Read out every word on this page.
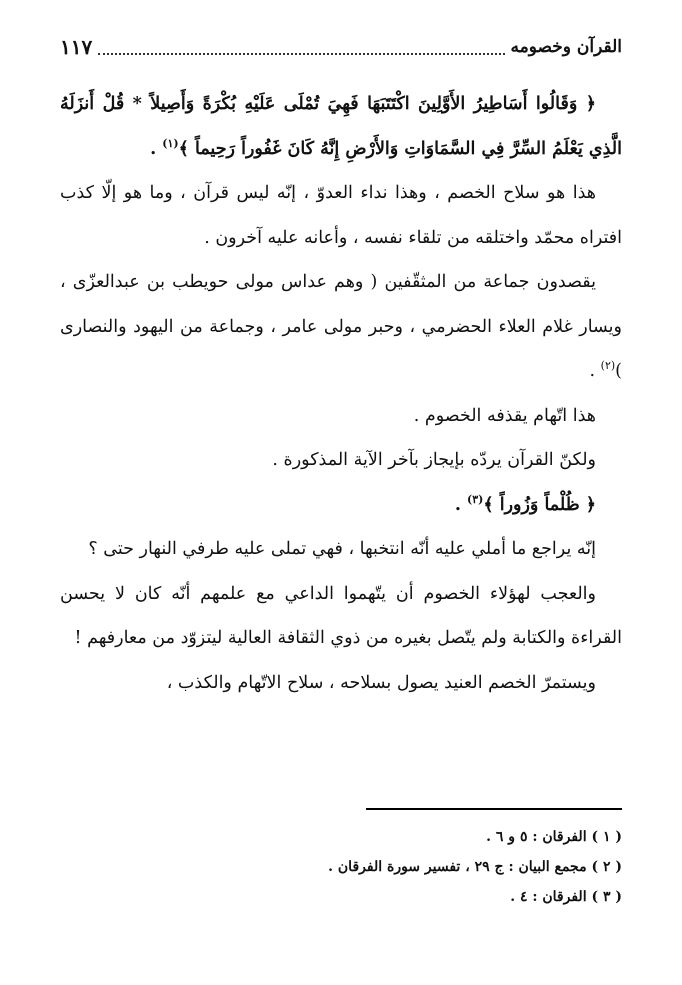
القرآن وخصومه
١١٧

﴿ وَقَالُوا أَسَاطِيرُ الأَوَّلِينَ اكْتَتَبَهَا فَهِيَ تُمْلَى عَلَيْهِ بُكْرَةً وَأَصِيلاً * قُلْ أَنزَلَهُ الَّذِي يَعْلَمُ السِّرَّ فِي السَّمَاوَاتِ وَالأَرْضِ إِنَّهُ كَانَ غَفُوراً رَحِيماً ﴾$^{(١)}$ .

هذا هو سلاح الخصم ، وهذا نداء العدوّ ، إنّه ليس قرآن ، وما هو إلّا كذب افتراه محمّد واختلقه من تلقاء نفسه ، وأعانه عليه آخرون .

يقصدون جماعة من المثقّفين ( وهم عداس مولى حويطب بن عبدالعزّى ، ويسار غلام العلاء الحضرمي ، وحبر مولى عامر ، وجماعة من اليهود والنصارى )$^{(٢)}$ .

هذا اتّهام يقذفه الخصوم .

ولكنّ القرآن يردّه بإيجاز بآخر الآية المذكورة .

﴿ ظُلْماً وَزُوراً ﴾$^{(٣)}$ .

إنّه يراجع ما أملي عليه أنّه انتخبها ، فهي تملى عليه طرفي النهار حتى ؟

والعجب لهؤلاء الخصوم أن يتّهموا الداعي مع علمهم أنّه كان لا يحسن القراءة والكتابة ولم يتّصل بغيره من ذوي الثقافة العالية ليتزوّد من معارفهم !

ويستمرّ الخصم العنيد يصول بسلاحه ، سلاح الاتّهام والكذب ،

( ١ ) الفرقان : ٥ و ٦ .

( ٢ ) مجمع البيان : ج ٢٩ ، تفسير سورة الفرقان .

( ٣ ) الفرقان : ٤ .
